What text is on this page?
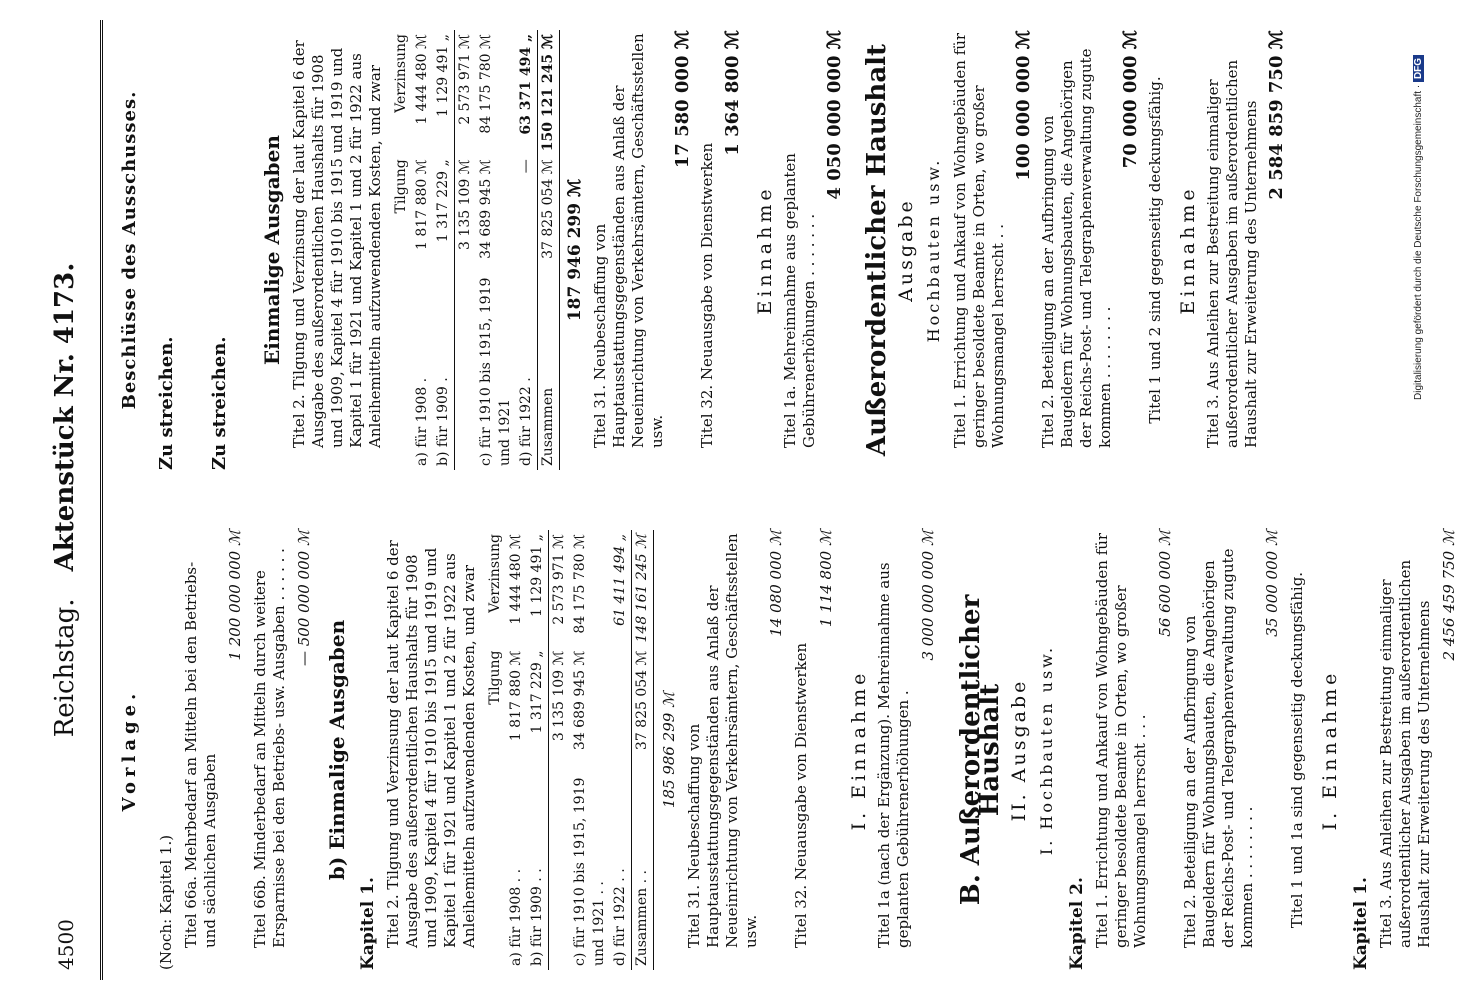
4500
Reichstag. Aktenstück Nr. 4173.
Vorlage.
(Noch: Kapitel 1.) Titel 66a. Mehrbedarf an Mitteln bei den Betriebs- und sächlichen Ausgaben
1 200 000 000 ℳ Titel 66b. Minderbedarf an Mitteln durch weitere Ersparnisse bei den Betriebs- usw. Ausgaben . . . . . . — 500 000 000 ℳ
b) Einmalige Ausgaben
Kapitel 1. Titel 2. Tilgung und Verzinsung der laut Kapitel 6 der Ausgabe des außerordentlichen Haushalts für 1908 und 1909, Kapitel 4 für 1910 bis 1915 und 1919 und Kapitel 1 für 1921 und Kapitel 1 und 2 für 1922 aus Anleihemitteln aufzuwendenden Kosten, und zwar
	Tilgung	Verzinsung
a) für 1908 . .	1 817 880 ℳ	1 444 480 ℳ
b) für 1909 . .	1 317 229 „	1 129 491 „
	3 135 109 ℳ	2 573 971 ℳ
c) für 1910 bis 1915, 1919 und 1921 . .	34 689 945 ℳ	84 175 780 ℳ
d) für 1922 . .		61 411 494 „
Zusammen . .	37 825 054 ℳ	148 161 245 ℳ
185 986 299 ℳ Titel 31. Neubeschaffung von Hauptausstattungsgegenständen aus Anlaß der Neueinrichtung von Verkehrsämtern, Geschäftsstellen usw.
14 080 000 ℳ
Titel 32. Neuausgabe von Dienstwerken
1 114 800 ℳ
I. Einnahme Titel 1a (nach der Ergänzung). Mehreinnahme aus geplanten Gebührenerhöhungen .
3 000 000 000 ℳ B. Außerordentlicher Haushalt II. Ausgabe I. Hochbauten usw.
Kapitel 2. Titel 1. Errichtung und Ankauf von Wohngebäuden für geringer besoldete Beamte in Orten, wo großer Wohnungsmangel herrscht . . .
56 600 000 ℳ
Titel 2. Beteiligung an der Aufbringung von Baugeldern für Wohnungsbauten, die Angehörigen der Reichs-Post- und Telegraphenverwaltung zugute kommen . . . . . . . .
35 000 000 ℳ Titel 1 und 1a sind gegenseitig deckungsfähig. I. Einnahme
Kapitel 1. Titel 3. Aus Anleihen zur Bestreitung einmaliger außerordentlicher Ausgaben im außerordentlichen Haushalt zur Erweiterung des Unternehmens
2 456 459 750 ℳ
Beschlüsse des Ausschusses. Zu streichen. Zu streichen.
Einmalige Ausgaben Titel 2. Tilgung und Verzinsung der laut Kapitel 6 der Ausgabe des außerordentlichen Haushalts für 1908 und 1909, Kapitel 4 für 1910 bis 1915 und 1919 und Kapitel 1 für 1921 und Kapitel 1 und 2 für 1922 aus Anleihemitteln aufzuwendenden Kosten, und zwar
	Tilgung	Verzinsung
a) für 1908 .	1 817 880 ℳ	1 444 480 ℳ
b) für 1909 .	1 317 229 „	1 129 491 „
	3 135 109 ℳ	2 573 971 ℳ
c) für 1910 bis 1915, 1919 und 1921	34 689 945 ℳ	84 175 780 ℳ
d) für 1922 .	—	63 371 494 „
Zusammen	37 825 054 ℳ	150 121 245 ℳ
187 946 299 ℳ Titel 31. Neubeschaffung von Hauptausstattungsgegenständen aus Anlaß der Neueinrichtung von Verkehrsämtern, Geschäftsstellen usw.
17 580 000 ℳ
Titel 32. Neuausgabe von Dienstwerken
1 364 800 ℳ
Einnahme Titel 1a. Mehreinnahme aus geplanten Gebührenerhöhungen . . . . . . .
4 050 000 000 ℳ Außerordentlicher Haushalt Ausgabe Hochbauten usw. Titel 1. Errichtung und Ankauf von Wohngebäuden für geringer besoldete Beamte in Orten, wo großer Wohnungsmangel herrscht . .
100 000 000 ℳ
Titel 2. Beteiligung an der Aufbringung von Baugeldern für Wohnungsbauten, die Angehörigen der Reichs-Post- und Telegraphenverwaltung zugute kommen . . . . . . . .
70 000 000 ℳ Titel 1 und 2 sind gegenseitig deckungsfähig. Einnahme Titel 3. Aus Anleihen zur Bestreitung einmaliger außerordentlicher Ausgaben im außerordentlichen Haushalt zur Erweiterung des Unternehmens 2 584 859 750 ℳ	Digitalisierung gefördert durch die Deutsche Forschungsgemeinschaft · DFG
